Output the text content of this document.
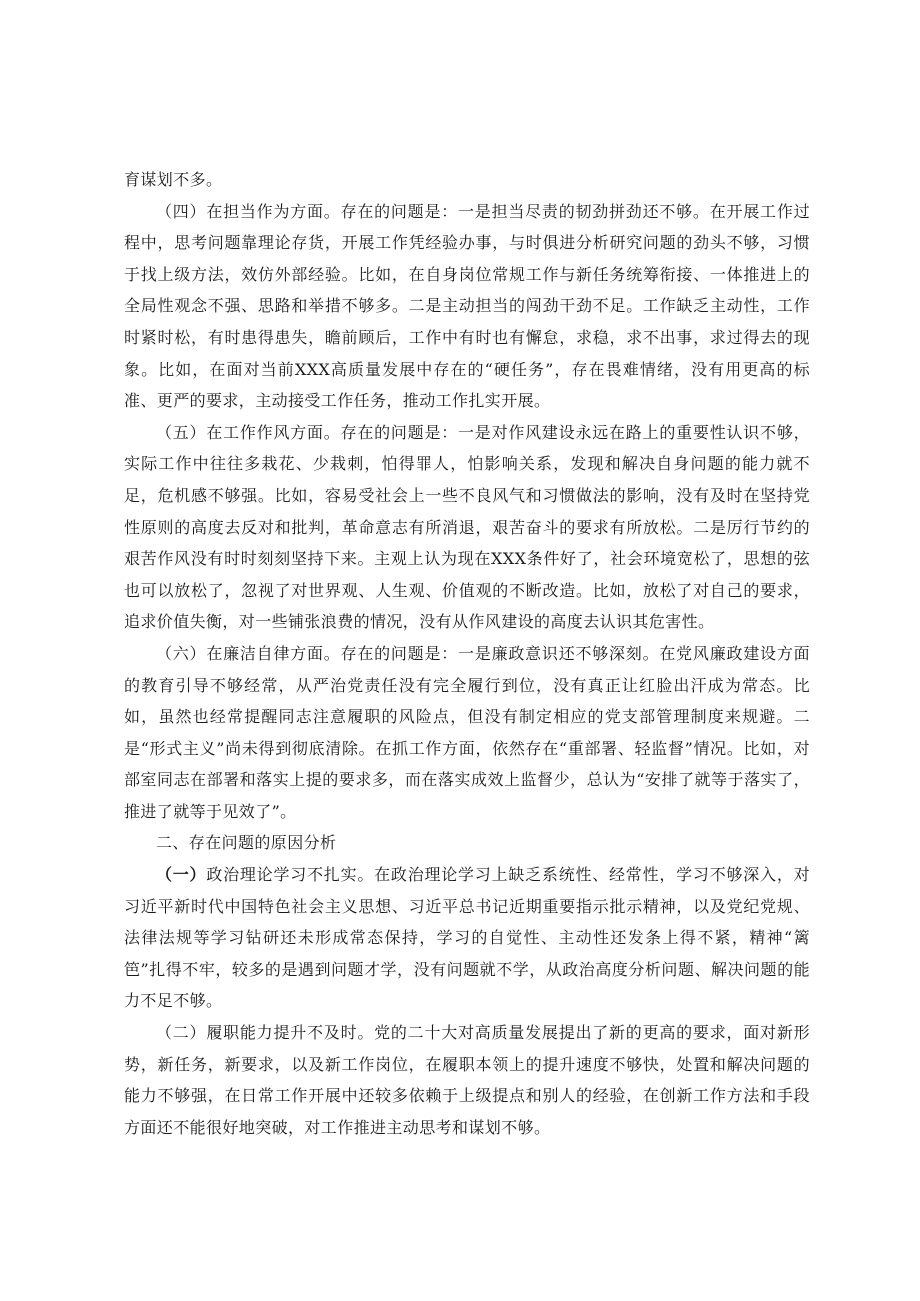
育谋划不多。

（四）在担当作为方面。存在的问题是：一是担当尽责的韧劲拼劲还不够。在开展工作过程中，思考问题靠理论存货，开展工作凭经验办事，与时俱进分析研究问题的劲头不够，习惯于找上级方法，效仿外部经验。比如，在自身岗位常规工作与新任务统筹衔接、一体推进上的全局性观念不强、思路和举措不够多。二是主动担当的闯劲干劲不足。工作缺乏主动性，工作时紧时松，有时患得患失，瞻前顾后，工作中有时也有懈怠，求稳，求不出事，求过得去的现象。比如，在面对当前XXX高质量发展中存在的“硬任务”，存在畏难情绪，没有用更高的标准、更严的要求，主动接受工作任务，推动工作扎实开展。

（五）在工作作风方面。存在的问题是：一是对作风建设永远在路上的重要性认识不够，实际工作中往往多栽花、少栽刺，怕得罪人，怕影响关系，发现和解决自身问题的能力就不足，危机感不够强。比如，容易受社会上一些不良风气和习惯做法的影响，没有及时在坚持党性原则的高度去反对和批判，革命意志有所消退，艰苦奋斗的要求有所放松。二是厉行节约的艰苦作风没有时时刻刻坚持下来。主观上认为现在XXX条件好了，社会环境宽松了，思想的弦也可以放松了，忽视了对世界观、人生观、价值观的不断改造。比如，放松了对自己的要求，追求价值失衡，对一些铺张浪费的情况，没有从作风建设的高度去认识其危害性。

（六）在廉洁自律方面。存在的问题是：一是廉政意识还不够深刻。在党风廉政建设方面的教育引导不够经常，从严治党责任没有完全履行到位，没有真正让红脸出汗成为常态。比如，虽然也经常提醒同志注意履职的风险点，但没有制定相应的党支部管理制度来规避。二是“形式主义”尚未得到彻底清除。在抓工作方面，依然存在“重部署、轻监督”情况。比如，对部室同志在部署和落实上提的要求多，而在落实成效上监督少，总认为“安排了就等于落实了，推进了就等于见效了”。

二、存在问题的原因分析

（一）政治理论学习不扎实。在政治理论学习上缺乏系统性、经常性，学习不够深入，对习近平新时代中国特色社会主义思想、习近平总书记近期重要指示批示精神，以及党纪党规、法律法规等学习钻研还未形成常态保持，学习的自觉性、主动性还发条上得不紧，精神“篱笆”扎得不牢，较多的是遇到问题才学，没有问题就不学，从政治高度分析问题、解决问题的能力不足不够。

（二）履职能力提升不及时。党的二十大对高质量发展提出了新的更高的要求，面对新形势，新任务，新要求，以及新工作岗位，在履职本领上的提升速度不够快，处置和解决问题的能力不够强，在日常工作开展中还较多依赖于上级提点和别人的经验，在创新工作方法和手段方面还不能很好地突破，对工作推进主动思考和谋划不够。
